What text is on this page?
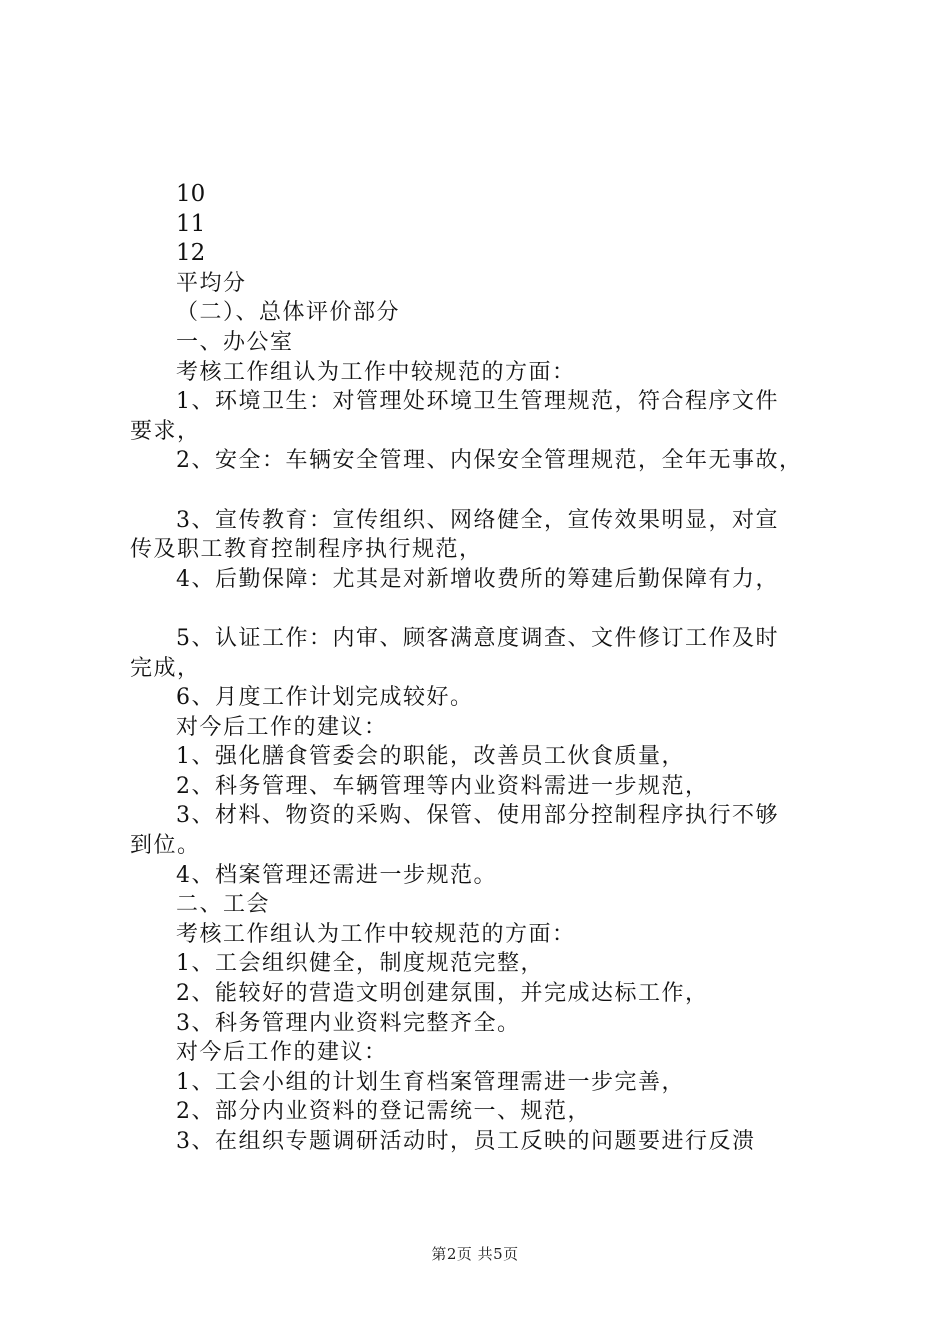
10
11
12
平均分
（二）、总体评价部分
一、办公室
考核工作组认为工作中较规范的方面：
1、环境卫生：对管理处环境卫生管理规范，符合程序文件
要求，
2、安全：车辆安全管理、内保安全管理规范，全年无事故，
3、宣传教育：宣传组织、网络健全，宣传效果明显，对宣
传及职工教育控制程序执行规范，
4、后勤保障：尤其是对新增收费所的筹建后勤保障有力，
5、认证工作：内审、顾客满意度调查、文件修订工作及时
完成，
6、月度工作计划完成较好。
对今后工作的建议：
1、强化膳食管委会的职能，改善员工伙食质量，
2、科务管理、车辆管理等内业资料需进一步规范，
3、材料、物资的采购、保管、使用部分控制程序执行不够
到位。
4、档案管理还需进一步规范。
二、工会
考核工作组认为工作中较规范的方面：
1、工会组织健全，制度规范完整，
2、能较好的营造文明创建氛围，并完成达标工作，
3、科务管理内业资料完整齐全。
对今后工作的建议：
1、工会小组的计划生育档案管理需进一步完善，
2、部分内业资料的登记需统一、规范，
3、在组织专题调研活动时，员工反映的问题要进行反溃
第2页 共5页
